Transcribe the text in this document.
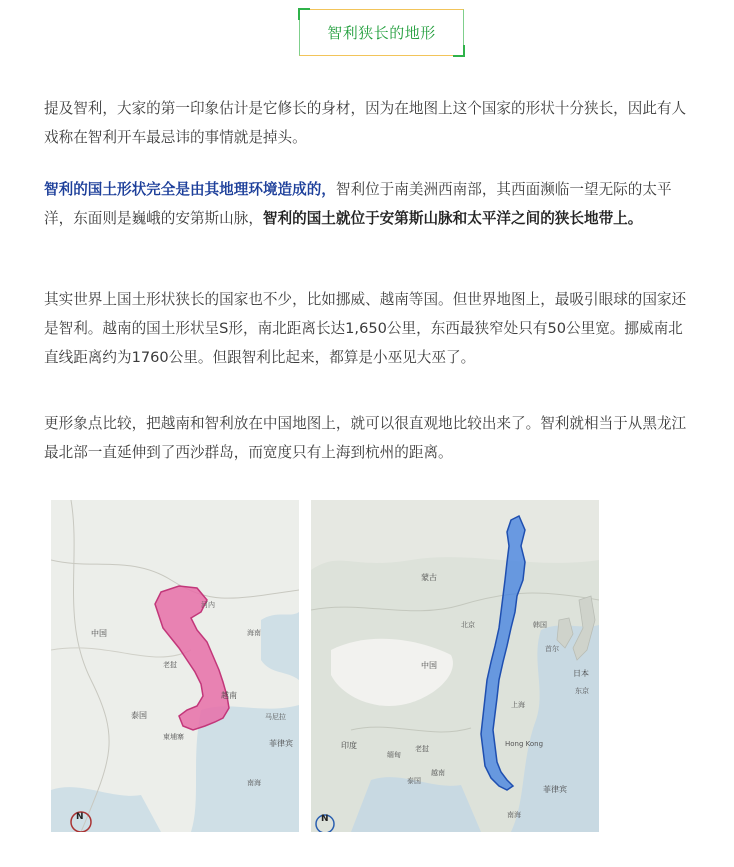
智利狭长的地形
提及智利，大家的第一印象估计是它修长的身材，因为在地图上这个国家的形状十分狭长，因此有人戏称在智利开车最忌讳的事情就是掉头。
智利的国土形状完全是由其地理环境造成的，智利位于南美洲西南部，其西面濒临一望无际的太平洋，东面则是巍峨的安第斯山脉，智利的国土就位于安第斯山脉和太平洋之间的狭长地带上。
其实世界上国土形状狭长的国家也不少，比如挪威、越南等国。但世界地图上，最吸引眼球的国家还是智利。越南的国土形状呈S形，南北距离长达1,650公里，东西最狭窄处只有50公里宽。挪威南北直线距离约为1760公里。但跟智利比起来，都算是小巫见大巫了。
更形象点比较，把越南和智利放在中国地图上，就可以很直观地比较出来了。智利就相当于从黑龙江最北部一直延伸到了西沙群岛，而宽度只有上海到杭州的距离。
中国
河内
越南
老挝
泰国
柬埔寨
海南
菲律宾
南海
马尼拉
N
蒙古
中国
日本
韩国
首尔
北京
上海
Hong Kong
越南
老挝
泰国
缅甸
印度
菲律宾
东京
南海
N
